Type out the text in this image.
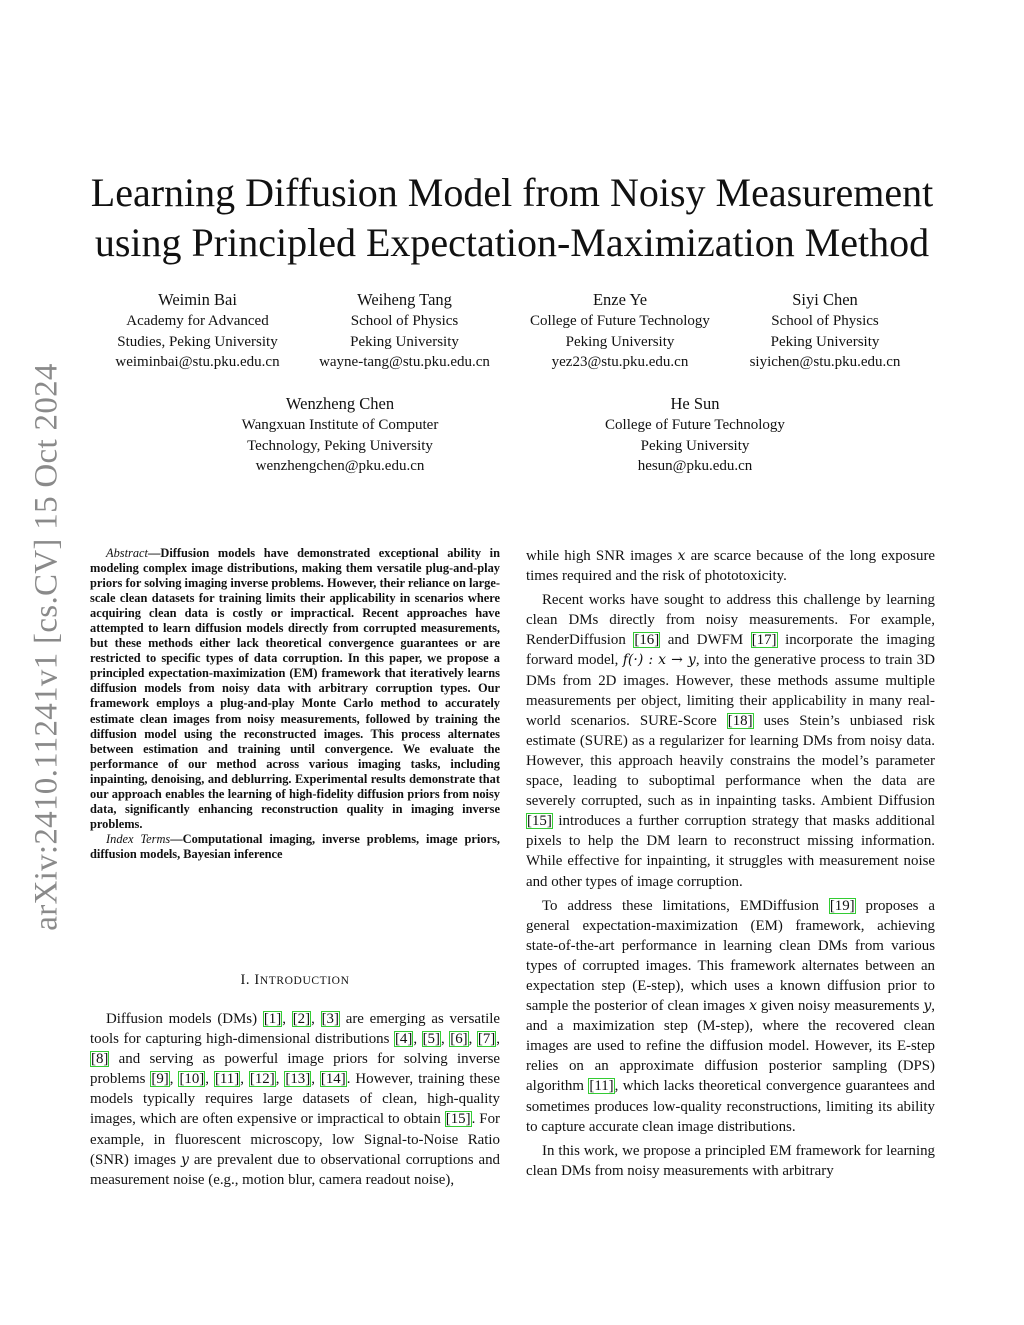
arXiv:2410.11241v1 [cs.CV] 15 Oct 2024
Learning Diffusion Model from Noisy Measurement
using Principled Expectation-Maximization Method
Weimin Bai
Academy for Advanced
Studies, Peking University
weiminbai@stu.pku.edu.cn
Weiheng Tang
School of Physics
Peking University
wayne-tang@stu.pku.edu.cn
Enze Ye
College of Future Technology
Peking University
yez23@stu.pku.edu.cn
Siyi Chen
School of Physics
Peking University
siyichen@stu.pku.edu.cn
Wenzheng Chen
Wangxuan Institute of Computer
Technology, Peking University
wenzhengchen@pku.edu.cn
He Sun
College of Future Technology
Peking University
hesun@pku.edu.cn

Abstract—Diffusion models have demonstrated exceptional ability in modeling complex image distributions, making them versatile plug-and-play priors for solving imaging inverse problems. However, their reliance on large-scale clean datasets for training limits their applicability in scenarios where acquiring clean data is costly or impractical. Recent approaches have attempted to learn diffusion models directly from corrupted measurements, but these methods either lack theoretical convergence guarantees or are restricted to specific types of data corruption. In this paper, we propose a principled expectation-maximization (EM) framework that iteratively learns diffusion models from noisy data with arbitrary corruption types. Our framework employs a plug-and-play Monte Carlo method to accurately estimate clean images from noisy measurements, followed by training the diffusion model using the reconstructed images. This process alternates between estimation and training until convergence. We evaluate the performance of our method across various imaging tasks, including inpainting, denoising, and deblurring. Experimental results demonstrate that our approach enables the learning of high-fidelity diffusion priors from noisy data, significantly enhancing reconstruction quality in imaging inverse problems.

Index Terms—Computational imaging, inverse problems, image priors, diffusion models, Bayesian inference

I. INTRODUCTION

Diffusion models (DMs) [1], [2], [3] are emerging as versatile tools for capturing high-dimensional distributions [4], [5], [6], [7], [8] and serving as powerful image priors for solving inverse problems [9], [10], [11], [12], [13], [14]. However, training these models typically requires large datasets of clean, high-quality images, which are often expensive or impractical to obtain [15]. For example, in fluorescent microscopy, low Signal-to-Noise Ratio (SNR) images y are prevalent due to observational corruptions and measurement noise (e.g., motion blur, camera readout noise),

while high SNR images x are scarce because of the long exposure times required and the risk of phototoxicity.

Recent works have sought to address this challenge by learning clean DMs directly from noisy measurements. For example, RenderDiffusion [16] and DWFM [17] incorporate the imaging forward model, f(·) : x → y, into the generative process to train 3D DMs from 2D images. However, these methods assume multiple measurements per object, limiting their applicability in many real-world scenarios. SURE-Score [18] uses Stein’s unbiased risk estimate (SURE) as a regularizer for learning DMs from noisy data. However, this approach heavily constrains the model’s parameter space, leading to suboptimal performance when the data are severely corrupted, such as in inpainting tasks. Ambient Diffusion [15] introduces a further corruption strategy that masks additional pixels to help the DM learn to reconstruct missing information. While effective for inpainting, it struggles with measurement noise and other types of image corruption.

To address these limitations, EMDiffusion [19] proposes a general expectation-maximization (EM) framework, achieving state-of-the-art performance in learning clean DMs from various types of corrupted images. This framework alternates between an expectation step (E-step), which uses a known diffusion prior to sample the posterior of clean images x given noisy measurements y, and a maximization step (M-step), where the recovered clean images are used to refine the diffusion model. However, its E-step relies on an approximate diffusion posterior sampling (DPS) algorithm [11], which lacks theoretical convergence guarantees and sometimes produces low-quality reconstructions, limiting its ability to capture accurate clean image distributions.

In this work, we propose a principled EM framework for learning clean DMs from noisy measurements with arbitrary
